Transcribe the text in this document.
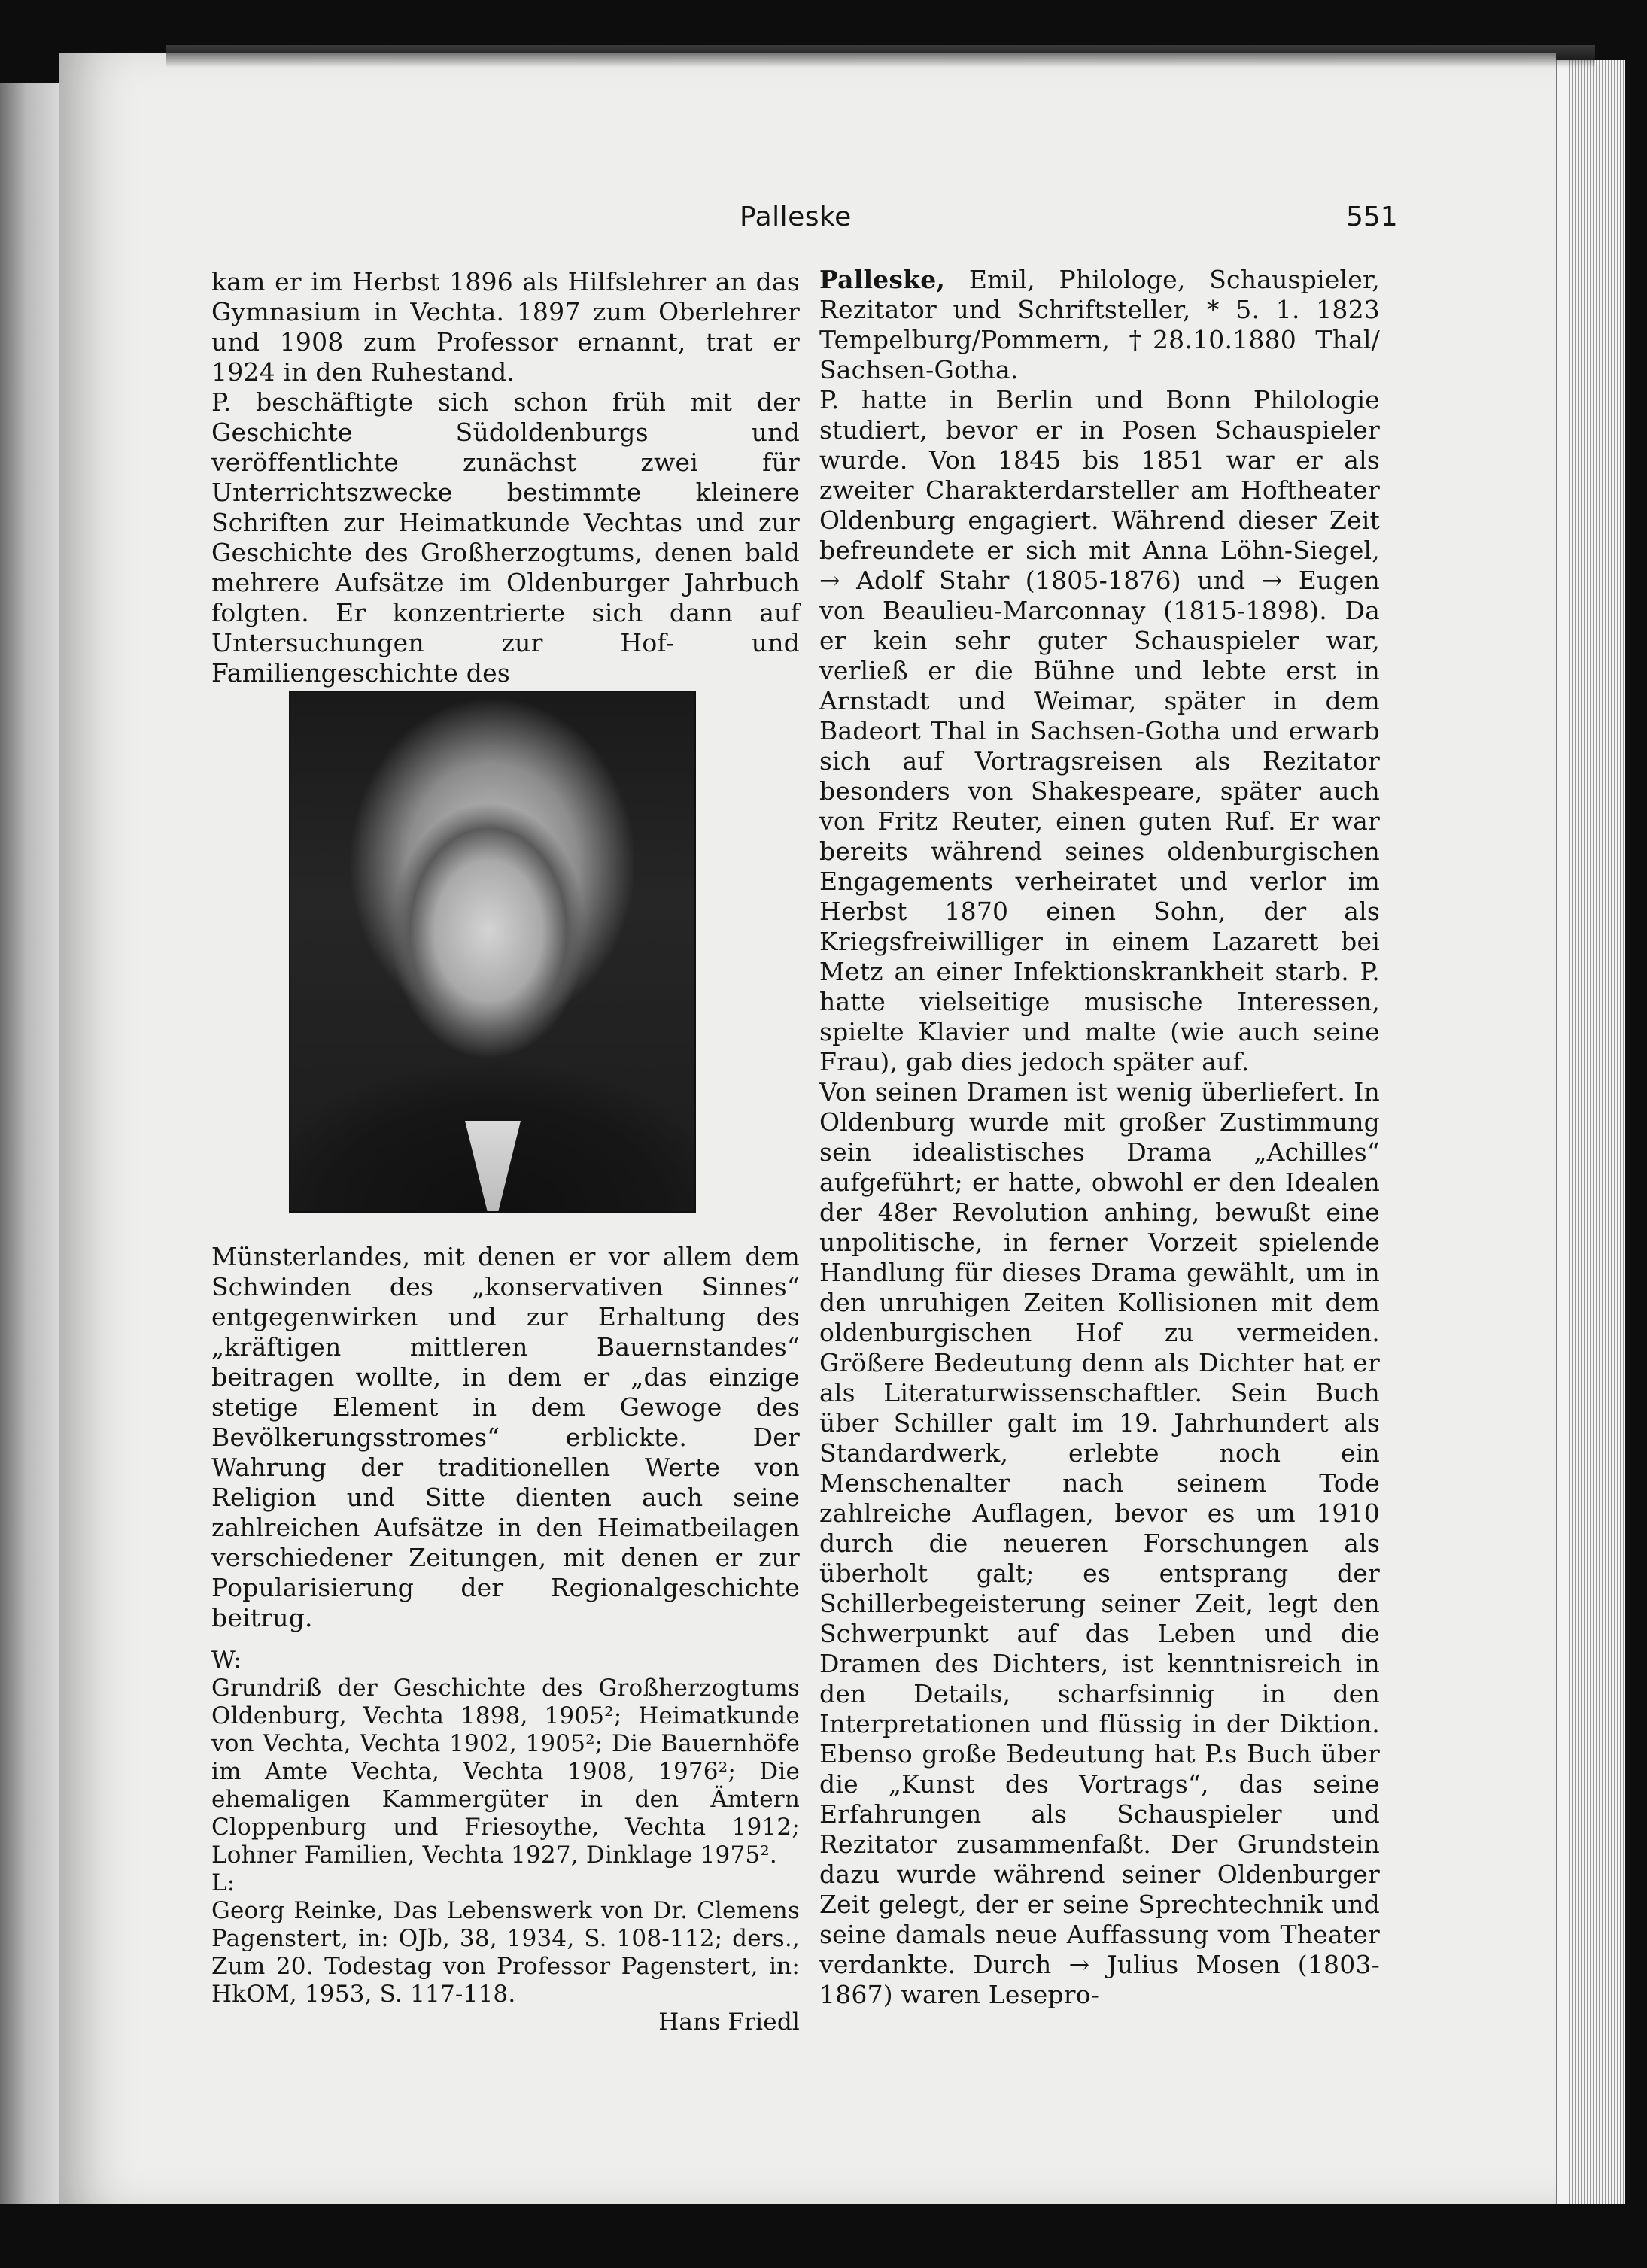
Palleske	551

kam er im Herbst 1896 als Hilfslehrer an das Gymnasium in Vechta. 1897 zum Oberlehrer und 1908 zum Professor ernannt, trat er 1924 in den Ruhestand.

P. beschäftigte sich schon früh mit der Geschichte Südoldenburgs und veröffentlichte zunächst zwei für Unterrichtszwecke bestimmte kleinere Schriften zur Heimatkunde Vechtas und zur Geschichte des Großherzogtums, denen bald mehrere Aufsätze im Oldenburger Jahrbuch folgten. Er konzentrierte sich dann auf Untersuchungen zur Hof- und Familiengeschichte des

Münsterlandes, mit denen er vor allem dem Schwinden des „konservativen Sinnes“ entgegenwirken und zur Erhaltung des „kräftigen mittleren Bauernstandes“ beitragen wollte, in dem er „das einzige stetige Element in dem Gewoge des Bevölkerungsstromes“ erblickte. Der Wahrung der traditionellen Werte von Religion und Sitte dienten auch seine zahlreichen Aufsätze in den Heimatbeilagen verschiedener Zeitungen, mit denen er zur Popularisierung der Regionalgeschichte beitrug.

W:

Grundriß der Geschichte des Großherzogtums Oldenburg, Vechta 1898, 1905²; Heimatkunde von Vechta, Vechta 1902, 1905²; Die Bauernhöfe im Amte Vechta, Vechta 1908, 1976²; Die ehemaligen Kammergüter in den Ämtern Cloppenburg und Friesoythe, Vechta 1912; Lohner Familien, Vechta 1927, Dinklage 1975².

L:

Georg Reinke, Das Lebenswerk von Dr. Clemens Pagenstert, in: OJb, 38, 1934, S. 108-112; ders., Zum 20. Todestag von Professor Pagenstert, in: HkOM, 1953, S. 117-118.

Hans Friedl

Palleske, Emil, Philologe, Schauspieler, Rezitator und Schriftsteller, * 5. 1. 1823 Tempelburg/Pommern, †28.10.1880 Thal/ Sachsen-Gotha.

P. hatte in Berlin und Bonn Philologie studiert, bevor er in Posen Schauspieler wurde. Von 1845 bis 1851 war er als zweiter Charakterdarsteller am Hoftheater Oldenburg engagiert. Während dieser Zeit befreundete er sich mit Anna Löhn-Siegel, → Adolf Stahr (1805-1876) und → Eugen von Beaulieu-Marconnay (1815-1898). Da er kein sehr guter Schauspieler war, verließ er die Bühne und lebte erst in Arnstadt und Weimar, später in dem Badeort Thal in Sachsen-Gotha und erwarb sich auf Vortragsreisen als Rezitator besonders von Shakespeare, später auch von Fritz Reuter, einen guten Ruf. Er war bereits während seines oldenburgischen Engagements verheiratet und verlor im Herbst 1870 einen Sohn, der als Kriegsfreiwilliger in einem Lazarett bei Metz an einer Infektionskrankheit starb. P. hatte vielseitige musische Interessen, spielte Klavier und malte (wie auch seine Frau), gab dies jedoch später auf.

Von seinen Dramen ist wenig überliefert. In Oldenburg wurde mit großer Zustimmung sein idealistisches Drama „Achilles“ aufgeführt; er hatte, obwohl er den Idealen der 48er Revolution anhing, bewußt eine unpolitische, in ferner Vorzeit spielende Handlung für dieses Drama gewählt, um in den unruhigen Zeiten Kollisionen mit dem oldenburgischen Hof zu vermeiden. Größere Bedeutung denn als Dichter hat er als Literaturwissenschaftler. Sein Buch über Schiller galt im 19. Jahrhundert als Standardwerk, erlebte noch ein Menschenalter nach seinem Tode zahlreiche Auflagen, bevor es um 1910 durch die neueren Forschungen als überholt galt; es entsprang der Schillerbegeisterung seiner Zeit, legt den Schwerpunkt auf das Leben und die Dramen des Dichters, ist kenntnisreich in den Details, scharfsinnig in den Interpretationen und flüssig in der Diktion. Ebenso große Bedeutung hat P.s Buch über die „Kunst des Vortrags“, das seine Erfahrungen als Schauspieler und Rezitator zusammenfaßt. Der Grundstein dazu wurde während seiner Oldenburger Zeit gelegt, der er seine Sprechtechnik und seine damals neue Auffassung vom Theater verdankte. Durch → Julius Mosen (1803-1867) waren Lesepro-
